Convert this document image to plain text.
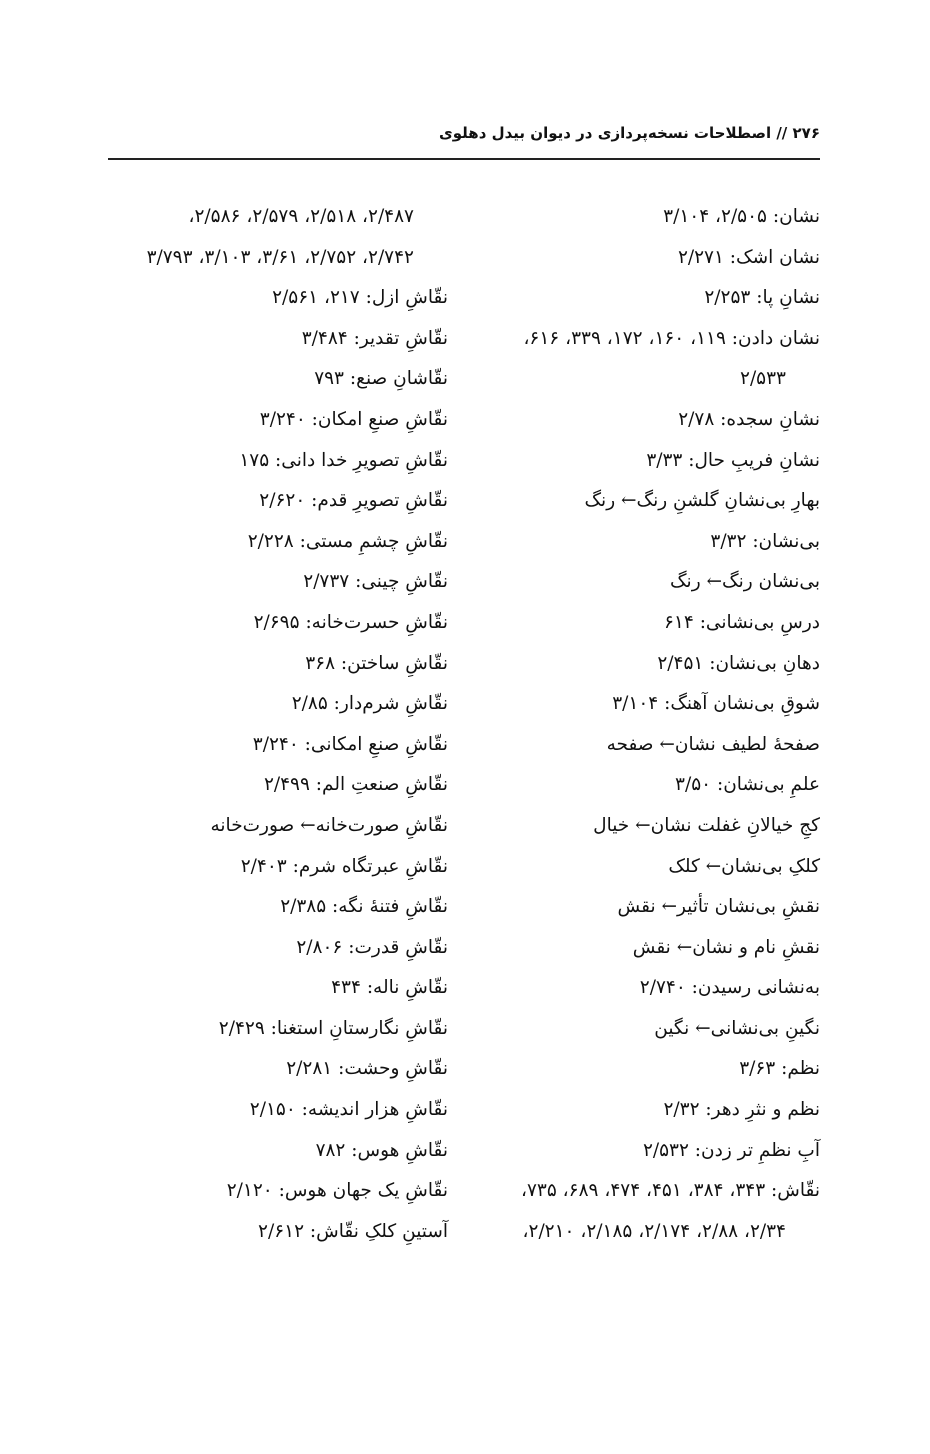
۲۷۶ // اصطلاحات نسخه‌پردازی در دیوان بیدل دهلوی
نشان: ۲/۵۰۵، ۳/۱۰۴
نشان اشک: ۲/۲۷۱
نشانِ پا: ۲/۲۵۳
نشان دادن: ۱۱۹، ۱۶۰، ۱۷۲، ۳۳۹، ۶۱۶،
۲/۵۳۳
نشانِ سجده: ۲/۷۸
نشانِ فریبِ حال: ۳/۳۳
بهارِ بی‌نشانِ گلشنِ رنگ← رنگ
بی‌نشان: ۳/۳۲
بی‌نشان رنگ← رنگ
درسِ بی‌نشانی: ۶۱۴
دهانِ بی‌نشان: ۲/۴۵۱
شوقِ بی‌نشان آهنگ: ۳/۱۰۴
صفحهٔ لطیف نشان← صفحه
علمِ بی‌نشان: ۳/۵۰
کجِ خیالانِ غفلت نشان← خیال
کلکِ بی‌نشان← کلک
نقشِ بی‌نشان تأثیر← نقش
نقشِ نام و نشان← نقش
به‌نشانی رسیدن: ۲/۷۴۰
نگینِ بی‌نشانی← نگین
نظم: ۳/۶۳
نظم و نثرِ دهر: ۲/۳۲
آبِ نظمِ تر زدن: ۲/۵۳۲
نقّاش: ۳۴۳، ۳۸۴، ۴۵۱، ۴۷۴، ۶۸۹، ۷۳۵،
۲/۳۴، ۲/۸۸، ۲/۱۷۴، ۲/۱۸۵، ۲/۲۱۰،
۲/۴۸۷، ۲/۵۱۸، ۲/۵۷۹، ۲/۵۸۶،
۲/۷۴۲، ۲/۷۵۲، ۳/۶۱، ۳/۱۰۳، ۳/۷۹۳
نقّاشِ ازل: ۲۱۷، ۲/۵۶۱
نقّاشِ تقدیر: ۳/۴۸۴
نقّاشانِ صنع: ۷۹۳
نقّاشِ صنعِ امکان: ۳/۲۴۰
نقّاشِ تصویرِ خدا دانی: ۱۷۵
نقّاشِ تصویرِ قدم: ۲/۶۲۰
نقّاشِ چشمِ مستی: ۲/۲۲۸
نقّاشِ چینی: ۲/۷۳۷
نقّاشِ حسرت‌خانه: ۲/۶۹۵
نقّاشِ ساختن: ۳۶۸
نقّاشِ شرم‌دار: ۲/۸۵
نقّاشِ صنعِ امکانی: ۳/۲۴۰
نقّاشِ صنعتِ الم: ۲/۴۹۹
نقّاشِ صورت‌خانه← صورت‌خانه
نقّاشِ عبرتگاه شرم: ۲/۴۰۳
نقّاشِ فتنهٔ نگه: ۲/۳۸۵
نقّاشِ قدرت: ۲/۸۰۶
نقّاشِ ناله: ۴۳۴
نقّاشِ نگارستانِ استغنا: ۲/۴۲۹
نقّاشِ وحشت: ۲/۲۸۱
نقّاشِ هزار اندیشه: ۲/۱۵۰
نقّاشِ هوس: ۷۸۲
نقّاشِ یک جهان هوس: ۲/۱۲۰
آستینِ کلکِ نقّاش: ۲/۶۱۲
